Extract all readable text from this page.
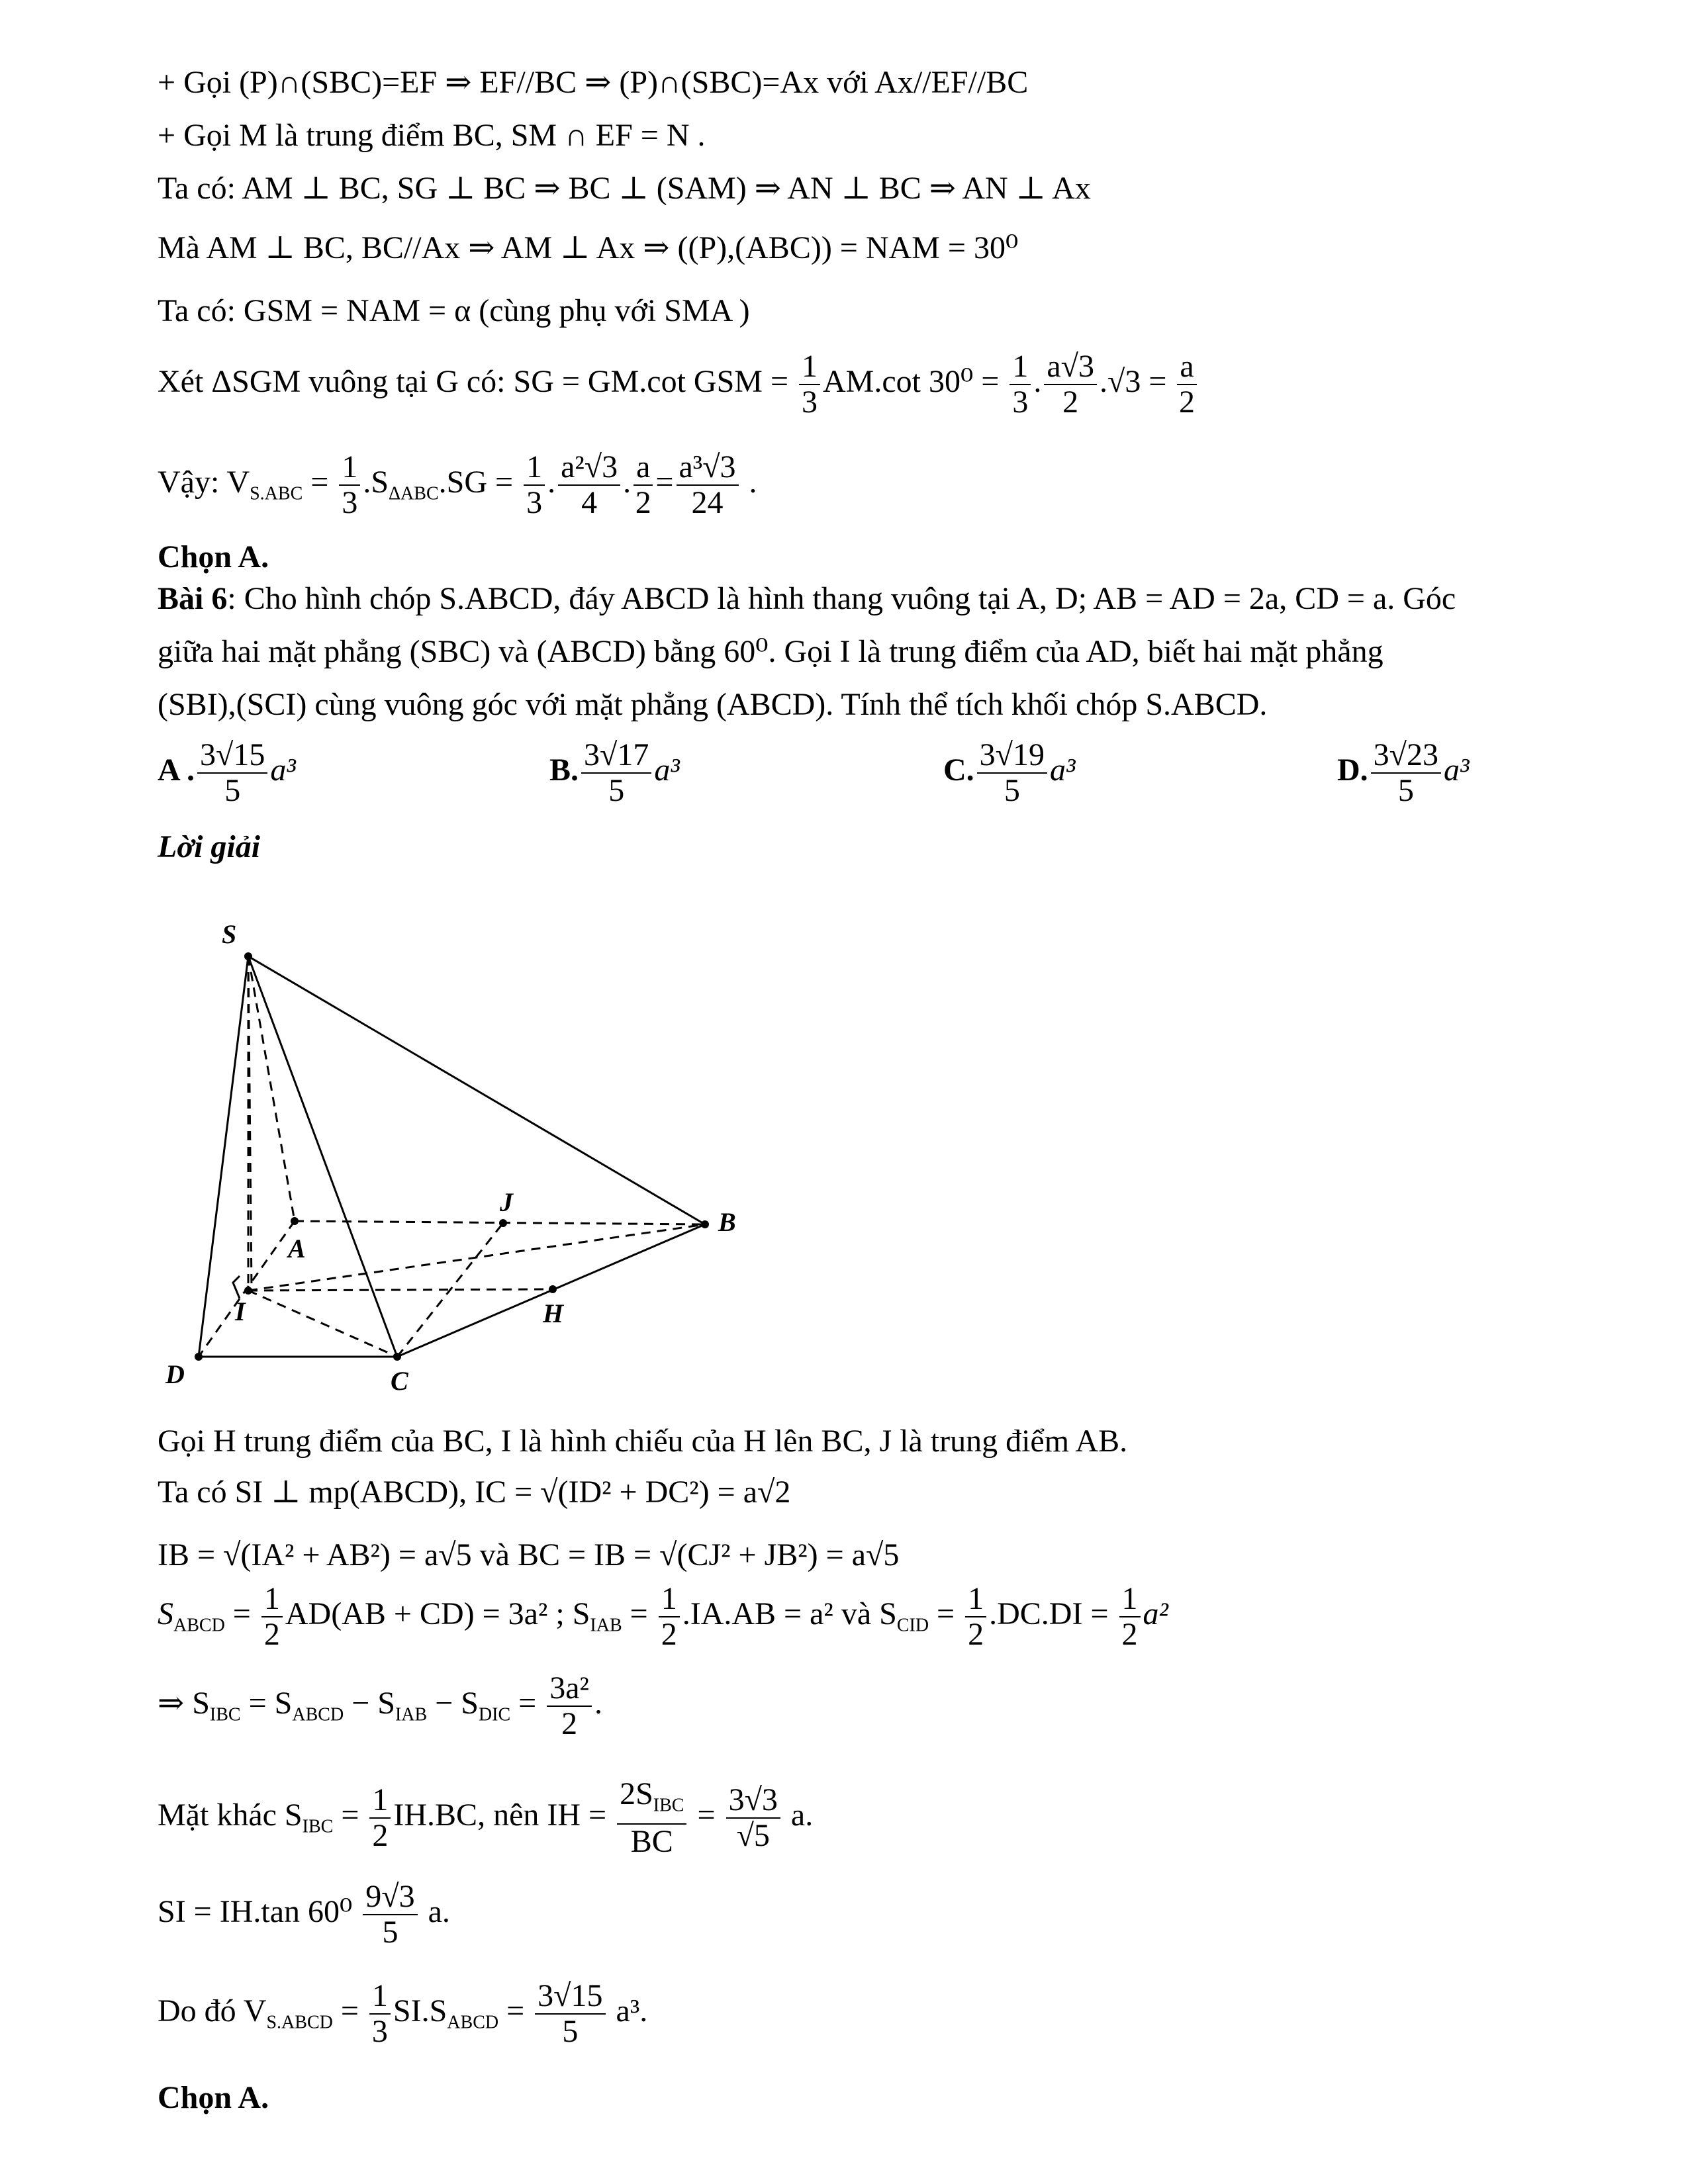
+ Gọi (P)∩(SBC)=EF ⇒ EF//BC ⇒ (P)∩(SBC)=Ax với Ax//EF//BC
+ Gọi M là trung điểm BC, SM ∩ EF = N .
Ta có: AM ⊥ BC, SG ⊥ BC ⇒ BC ⊥ (SAM) ⇒ AN ⊥ BC ⇒ AN ⊥ Ax
Mà AM ⊥ BC, BC//Ax ⇒ AM ⊥ Ax ⇒ ((P),(ABC)) = NAM = 30⁰
Ta có: GSM = NAM = α (cùng phụ với SMA )
Xét ΔSGM vuông tại G có: SG = GM.cot GSM = $\frac{1}{3} AM.\cot$ $30^0 = \frac{1}{3}$ . $\frac{a√3}{2} .√3 = \frac{a}{2}$
Vậy: $V_{S.ABC} = \frac{1}{3} .S_{\Delta ABC}.SG = \frac{1}{3}$ . $\frac{\text{a²√3}}{4}$ . $\frac{a}{2} = \frac{\text{a³√3}}{24}$ .
Chọn A.
Bài 6: Cho hình chóp S.ABCD, đáy ABCD là hình thang vuông tại A, D; AB = AD = 2a, CD = a. Góc
giữa hai mặt phẳng (SBC) và (ABCD) bằng 60⁰. Gọi I là trung điểm của AD, biết hai mặt phẳng
(SBI),(SCI) cùng vuông góc với mặt phẳng (ABCD). Tính thể tích khối chóp S.ABCD.
A . $\frac{3√15}{5} a^3$	B. $\frac{3√17}{5} a^3$	C. $\frac{3√19}{5} a^3$	D. $\frac{3√23}{5} a^3$
Lời giải
S
A
B
C
D
I	H
J
Gọi H trung điểm của BC, I là hình chiếu của H lên BC, J là trung điểm AB.
Ta có SI ⊥ mp(ABCD), IC = √(ID² + DC²) = a√2
IB = √(IA² + AB²) = a√5 và BC = IB = √(CJ² + JB²) = a√5
$S_{ABCD} = \frac{1}{2} AD(AB + CD) = 3a^2$ ; $S_{IAB} = \frac{1}{2} .IA.AB = a^2$ và $S_{CID} = \frac{1}{2} .DC.DI = \frac{1}{2} a^2$
⇒ $S_{IBC} = S_{ABCD} - S_{IAB} - S_{DIC} = \frac{\text{3a²}}{2}$ .
Mặt khác $S_{IBC} = \frac{1}{2} IH.BC$, nên IH = $\frac{2S_{IBC}}{BC} = \frac{3√3}{√5} a$.
SI = IH.tan $60^0 \frac{9√3}{5} a$.
Do đó $V_{S.ABCD} = \frac{1}{3} SI.S_{ABCD} = \frac{3√15}{5} a^3$.
Chọn A.
